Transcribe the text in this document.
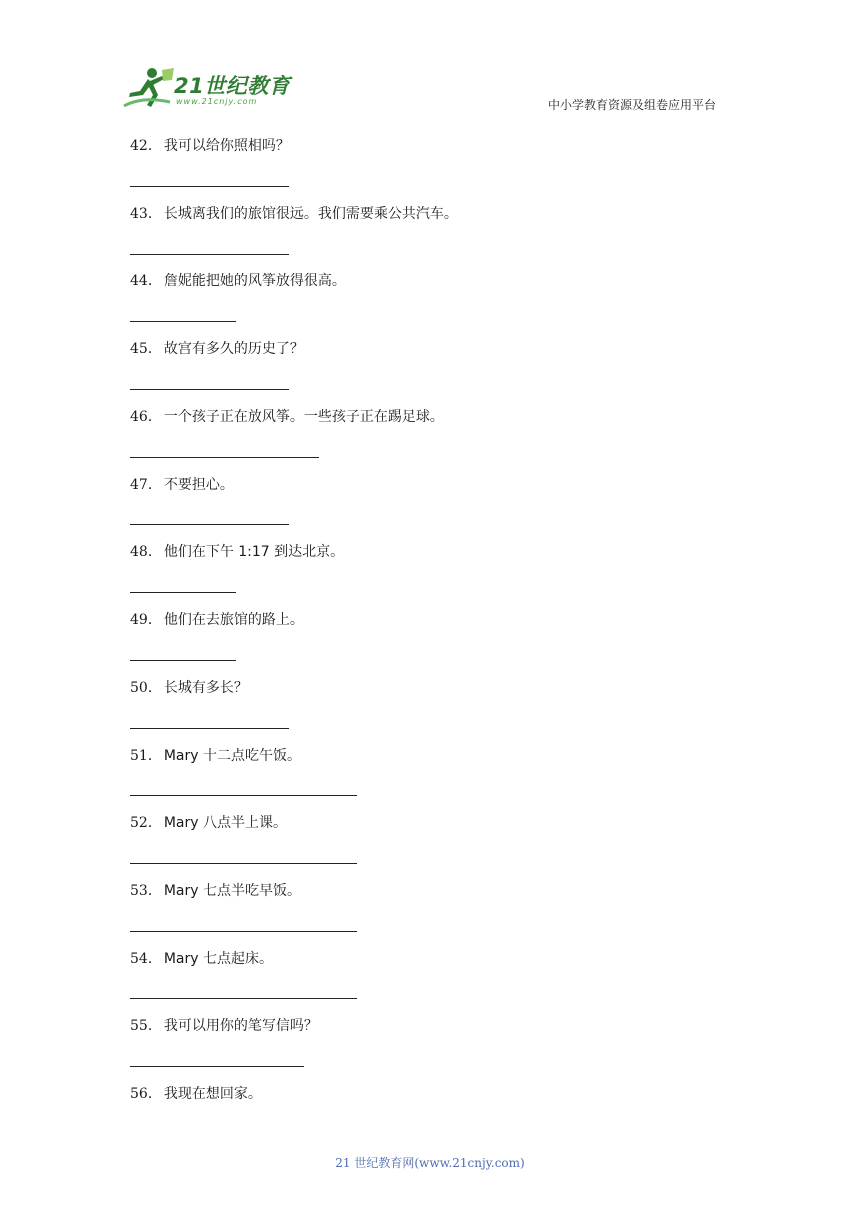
21世纪教育
www.21cnjy.com	中小学教育资源及组卷应用平台
42． 我可以给你照相吗？
43． 长城离我们的旅馆很远。我们需要乘公共汽车。
44． 詹妮能把她的风筝放得很高。
45． 故宫有多久的历史了？
46． 一个孩子正在放风筝。一些孩子正在踢足球。
47． 不要担心。
48． 他们在下午 1:17 到达北京。
49． 他们在去旅馆的路上。
50． 长城有多长？
51． Mary 十二点吃午饭。
52． Mary 八点半上课。
53． Mary 七点半吃早饭。
54． Mary 七点起床。
55． 我可以用你的笔写信吗？
56． 我现在想回家。
21 世纪教育网(www.21cnjy.com)
